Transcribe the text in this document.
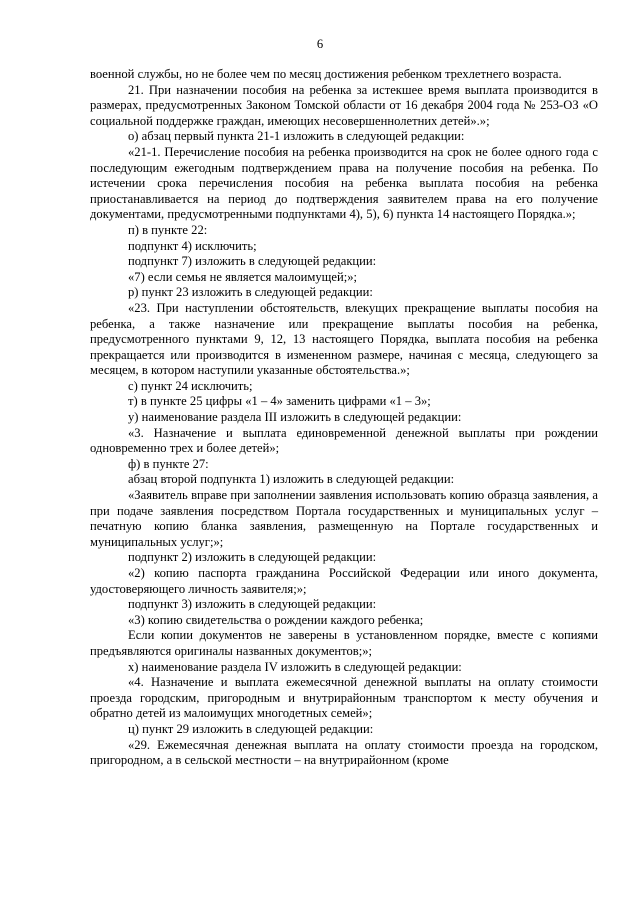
6

военной службы, но не более чем по месяц достижения ребенком трехлетнего возраста.

21. При назначении пособия на ребенка за истекшее время выплата производится в размерах, предусмотренных Законом Томской области от 16 декабря 2004 года № 253-ОЗ «О социальной поддержке граждан, имеющих несовершеннолетних детей».»;

о) абзац первый пункта 21-1 изложить в следующей редакции:

«21-1. Перечисление пособия на ребенка производится на срок не более одного года с последующим ежегодным подтверждением права на получение пособия на ребенка. По истечении срока перечисления пособия на ребенка выплата пособия на ребенка приостанавливается на период до подтверждения заявителем права на его получение документами, предусмотренными подпунктами 4), 5), 6) пункта 14 настоящего Порядка.»;

п) в пункте 22:

подпункт 4) исключить;

подпункт 7) изложить в следующей редакции:

«7) если семья не является малоимущей;»;

р) пункт 23 изложить в следующей редакции:

«23. При наступлении обстоятельств, влекущих прекращение выплаты пособия на ребенка, а также назначение или прекращение выплаты пособия на ребенка, предусмотренного пунктами 9, 12, 13 настоящего Порядка, выплата пособия на ребенка прекращается или производится в измененном размере, начиная с месяца, следующего за месяцем, в котором наступили указанные обстоятельства.»;

с) пункт 24 исключить;

т) в пункте 25 цифры «1 – 4» заменить цифрами «1 – 3»;

у) наименование раздела III изложить в следующей редакции:

«3. Назначение и выплата единовременной денежной выплаты при рождении одновременно трех и более детей»;

ф) в пункте 27:

абзац второй подпункта 1) изложить в следующей редакции:

«Заявитель вправе при заполнении заявления использовать копию образца заявления, а при подаче заявления посредством Портала государственных и муниципальных услуг – печатную копию бланка заявления, размещенную на Портале государственных и муниципальных услуг;»;

подпункт 2) изложить в следующей редакции:

«2) копию паспорта гражданина Российской Федерации или иного документа, удостоверяющего личность заявителя;»;

подпункт 3) изложить в следующей редакции:

«3) копию свидетельства о рождении каждого ребенка;

Если копии документов не заверены в установленном порядке, вместе с копиями предъявляются оригиналы названных документов;»;

х) наименование раздела IV изложить в следующей редакции:

«4. Назначение и выплата ежемесячной денежной выплаты на оплату стоимости проезда городским, пригородным и внутрирайонным транспортом к месту обучения и обратно детей из малоимущих многодетных семей»;

ц) пункт 29 изложить в следующей редакции:

«29. Ежемесячная денежная выплата на оплату стоимости проезда на городском, пригородном, а в сельской местности – на внутрирайонном (кроме
